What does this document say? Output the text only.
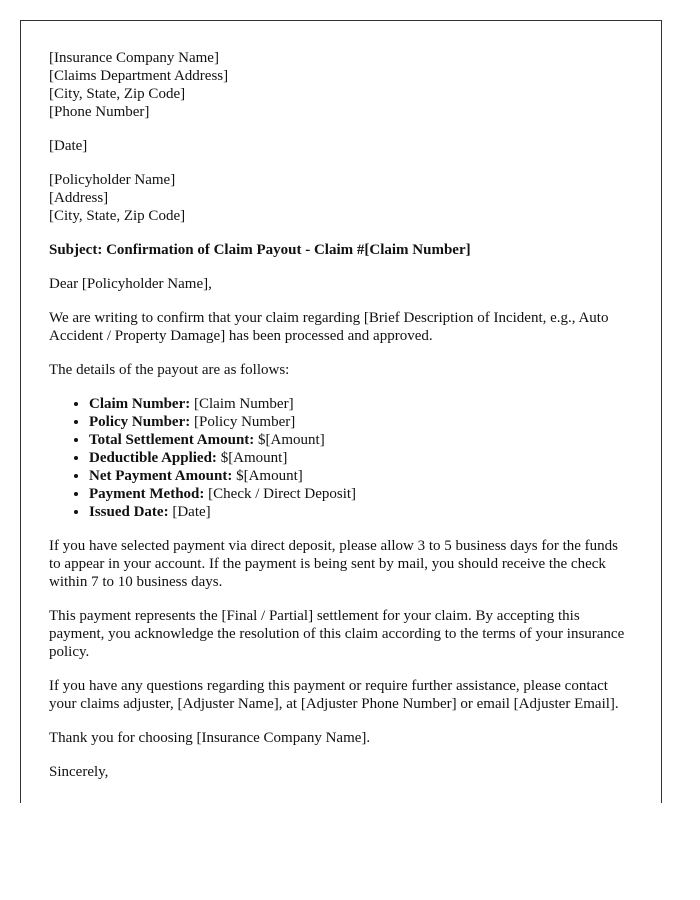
[Insurance Company Name]
[Claims Department Address]
[City, State, Zip Code]
[Phone Number]

[Date]

[Policyholder Name]
[Address]
[City, State, Zip Code]

Subject: Confirmation of Claim Payout - Claim #[Claim Number]

Dear [Policyholder Name],

We are writing to confirm that your claim regarding [Brief Description of Incident, e.g., Auto Accident / Property Damage] has been processed and approved.

The details of the payout are as follows:

• Claim Number: [Claim Number]
• Policy Number: [Policy Number]
• Total Settlement Amount: $[Amount]
• Deductible Applied: $[Amount]
• Net Payment Amount: $[Amount]
• Payment Method: [Check / Direct Deposit]
• Issued Date: [Date]

If you have selected payment via direct deposit, please allow 3 to 5 business days for the funds to appear in your account. If the payment is being sent by mail, you should receive the check within 7 to 10 business days.

This payment represents the [Final / Partial] settlement for your claim. By accepting this payment, you acknowledge the resolution of this claim according to the terms of your insurance policy.

If you have any questions regarding this payment or require further assistance, please contact your claims adjuster, [Adjuster Name], at [Adjuster Phone Number] or email [Adjuster Email].

Thank you for choosing [Insurance Company Name].

Sincerely,
